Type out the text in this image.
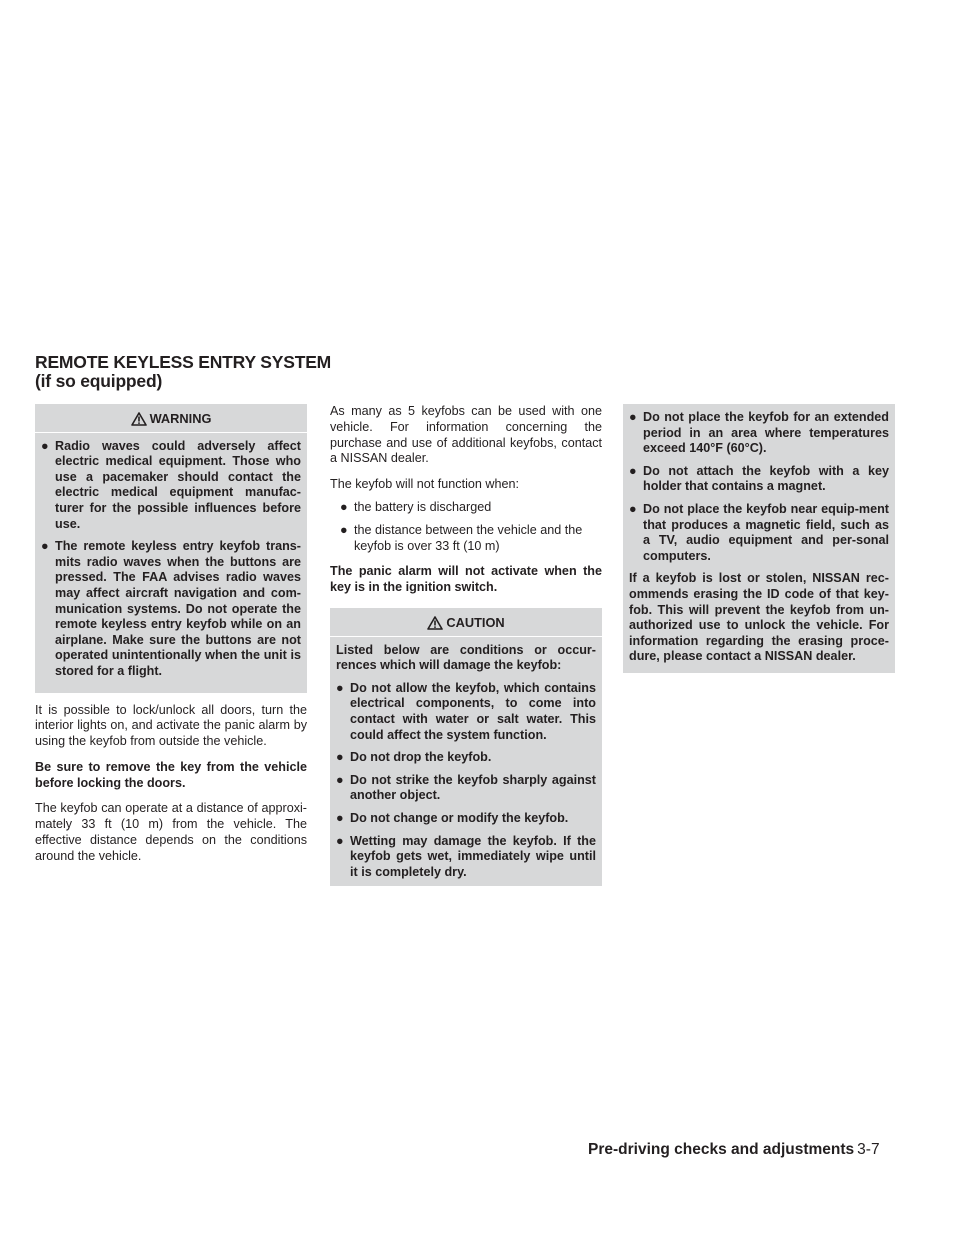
REMOTE KEYLESS ENTRY SYSTEM
(if so equipped)
WARNING
● Radio waves could adversely affect electric medical equipment. Those who use a pacemaker should contact the electric medical equipment manufac-turer for the possible influences before use.
● The remote keyless entry keyfob trans-mits radio waves when the buttons are pressed. The FAA advises radio waves may affect aircraft navigation and com-munication systems. Do not operate the remote keyless entry keyfob while on an airplane. Make sure the buttons are not operated unintentionally when the unit is stored for a flight.

It is possible to lock/unlock all doors, turn the interior lights on, and activate the panic alarm by using the keyfob from outside the vehicle.

Be sure to remove the key from the vehicle before locking the doors.

The keyfob can operate at a distance of approxi-mately 33 ft (10 m) from the vehicle. The effective distance depends on the conditions around the vehicle.

As many as 5 keyfobs can be used with one vehicle. For information concerning the purchase and use of additional keyfobs, contact a NISSAN dealer.

The keyfob will not function when:

● the battery is discharged
● the distance between the vehicle and the keyfob is over 33 ft (10 m)

The panic alarm will not activate when the key is in the ignition switch.

CAUTION

Listed below are conditions or occur-rences which will damage the keyfob:

● Do not allow the keyfob, which contains electrical components, to come into contact with water or salt water. This could affect the system function.
● Do not drop the keyfob.
● Do not strike the keyfob sharply against another object.
● Do not change or modify the keyfob.
● Wetting may damage the keyfob. If the keyfob gets wet, immediately wipe until it is completely dry.
● Do not place the keyfob for an extended period in an area where temperatures exceed 140°F (60°C).
● Do not attach the keyfob with a key holder that contains a magnet.
● Do not place the keyfob near equip-ment that produces a magnetic field, such as a TV, audio equipment and per-sonal computers.

If a keyfob is lost or stolen, NISSAN rec-ommends erasing the ID code of that key-fob. This will prevent the keyfob from un-authorized use to unlock the vehicle. For information regarding the erasing proce-dure, please contact a NISSAN dealer.

Pre-driving checks and adjustments 3-7
